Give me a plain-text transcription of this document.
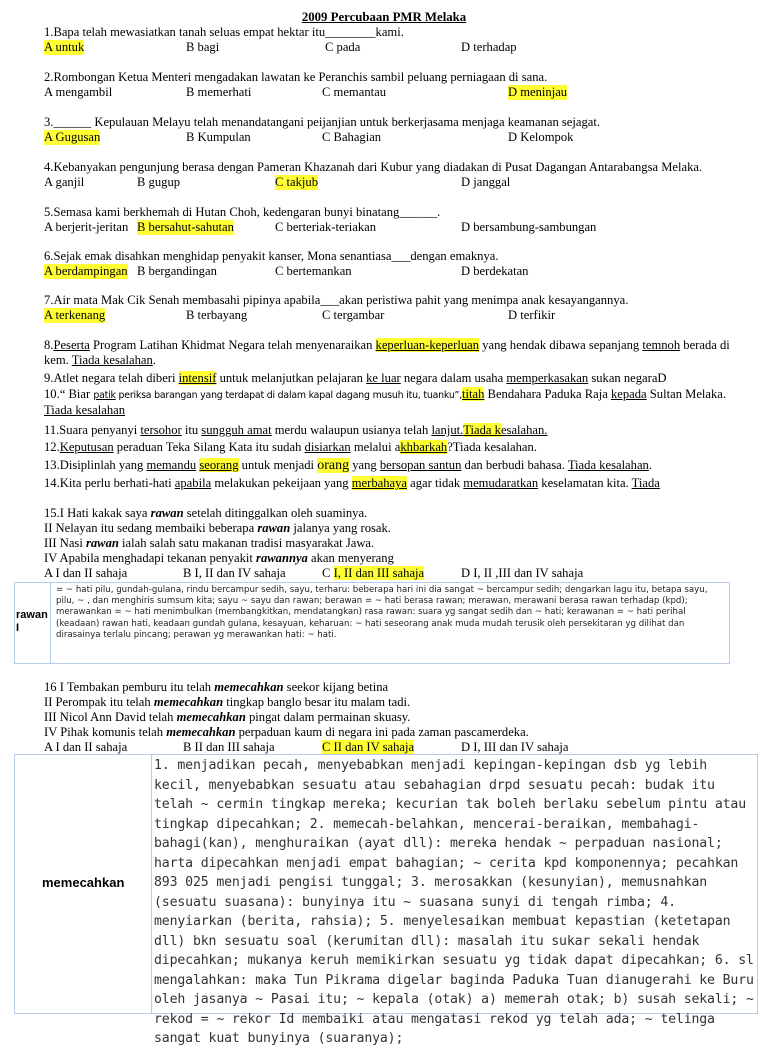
2009 Percubaan PMR Melaka
1.Bapa telah mewasiatkan tanah seluas empat hektar itu________kami.
A untuk	B bagi	C pada	D terhadap
2.Rombongan Ketua Menteri mengadakan lawatan ke Peranchis sambil peluang perniagaan di sana.
A mengambil	B memerhati	C memantau	D meninjau
3.______ Kepulauan Melayu telah menandatangani peijanjian untuk berkerjasama menjaga keamanan sejagat.
A Gugusan	B Kumpulan	C Bahagian	D Kelompok
4.Kebanyakan pengunjung berasa dengan Pameran Khazanah dari Kubur yang diadakan di Pusat Dagangan Antarabangsa Melaka.
A ganjil	B gugup	C takjub	D janggal
5.Semasa kami berkhemah di Hutan Choh, kedengaran bunyi binatang______.
A berjerit-jeritan B bersahut-sahutan	C berteriak-teriakan	D bersambung-sambungan
6.Sejak emak disahkan menghidap penyakit kanser, Mona senantiasa___dengan emaknya.
A berdampingan B bergandingan	C bertemankan	D berdekatan
7.Air mata Mak Cik Senah membasahi pipinya apabila___akan peristiwa pahit yang menimpa anak kesayangannya.
A terkenang	B terbayang	C tergambar	D terfikir
8.Peserta Program Latihan Khidmat Negara telah menyenaraikan keperluan-keperluan yang hendak dibawa sepanjang temnoh berada di kem. Tiada kesalahan.
9.Atlet negara telah diberi intensif untuk melanjutkan pelajaran ke luar negara dalam usaha memperkasakan sukan negaraD
10.“ Biar patik periksa barangan yang terdapat di dalam kapal dagang musuh itu, tuanku”,titah Bendahara Paduka Raja kepada Sultan Melaka. Tiada kesalahan
11.Suara penyanyi tersohor itu sungguh amat merdu walaupun usianya telah lanjut.Tiada kesalahan.
12.Keputusan peraduan Teka Silang Kata itu sudah disiarkan melalui akhbarkah?Tiada kesalahan.
13.Disiplinlah yang memandu seorang untuk menjadi orang yang bersopan santun dan berbudi bahasa. Tiada kesalahan.
14.Kita perlu berhati-hati apabila melakukan pekeijaan yang merbahaya agar tidak memudaratkan keselamatan kita. Tiada
15.I Hati kakak saya rawan setelah ditinggalkan oleh suaminya.
II Nelayan itu sedang membaiki beberapa rawan jalanya yang rosak.
III Nasi rawan ialah salah satu makanan tradisi masyarakat Jawa.
IV Apabila menghadapi tekanan penyakit rawannya akan menyerang
A I dan II sahaja	B I, II dan IV sahaja	C I, II dan III sahaja	D I, II ,III dan IV sahaja
rawan I
= ~ hati pilu, gundah-gulana, rindu bercampur sedih, sayu, terharu: beberapa hari ini dia sangat ~ bercampur sedih; dengarkan lagu itu, betapa sayu, pilu, ~ , dan menghiris sumsum kita; sayu ~ sayu dan rawan; berawan = ~ hati berasa rawan; merawan, merawani berasa rawan terhadap (kpd); merawankan = ~ hati menimbulkan (membangkitkan, mendatangkan) rasa rawan: suara yg sangat sedih dan ~ hati; kerawanan = ~ hati perihal (keadaan) rawan hati, keadaan gundah gulana, kesayuan, keharuan: ~ hati seseorang anak muda mudah terusik oleh persekitaran yg dilihat dan dirasainya terlalu pincang; perawan yg merawankan hati: ~ hati.
16 I Tembakan pemburu itu telah memecahkan seekor kijang betina
II Perompak itu telah memecahkan tingkap banglo besar itu malam tadi.
III Nicol Ann David telah memecahkan pingat dalam permainan skuasy.
IV Pihak komunis telah memecahkan perpaduan kaum di negara ini pada zaman pascamerdeka.
A I dan II sahaja	B II dan III sahaja	C II dan IV sahaja	D I, III dan IV sahaja
memecahkan
1. menjadikan pecah, menyebabkan menjadi kepingan-kepingan dsb yg lebih kecil, menyebabkan sesuatu atau sebahagian drpd sesuatu pecah: budak itu telah ~ cermin tingkap mereka; kecurian tak boleh berlaku sebelum pintu atau tingkap dipecahkan; 2. memecah-belahkan, mencerai-beraikan, membahagi-bahagi(kan), menghuraikan (ayat dll): mereka hendak ~ perpaduan nasional; harta dipecahkan menjadi empat bahagian; ~ cerita kpd komponennya; pecahkan 893 025 menjadi pengisi tunggal; 3. merosakkan (kesunyian), memusnahkan (sesuatu suasana): bunyinya itu ~ suasana sunyi di tengah rimba; 4. menyiarkan (berita, rahsia); 5. menyelesaikan membuat kepastian (ketetapan dll) bkn sesuatu soal (kerumitan dll): masalah itu sukar sekali hendak dipecahkan; mukanya keruh memikirkan sesuatu yg tidak dapat dipecahkan; 6. sl mengalahkan: maka Tun Pikrama digelar baginda Paduka Tuan dianugerahi ke Buru oleh jasanya ~ Pasai itu; ~ kepala (otak) a) memerah otak; b) susah sekali; ~ rekod = ~ rekor Id membaiki atau mengatasi rekod yg telah ada; ~ telinga sangat kuat bunyinya (suaranya);
